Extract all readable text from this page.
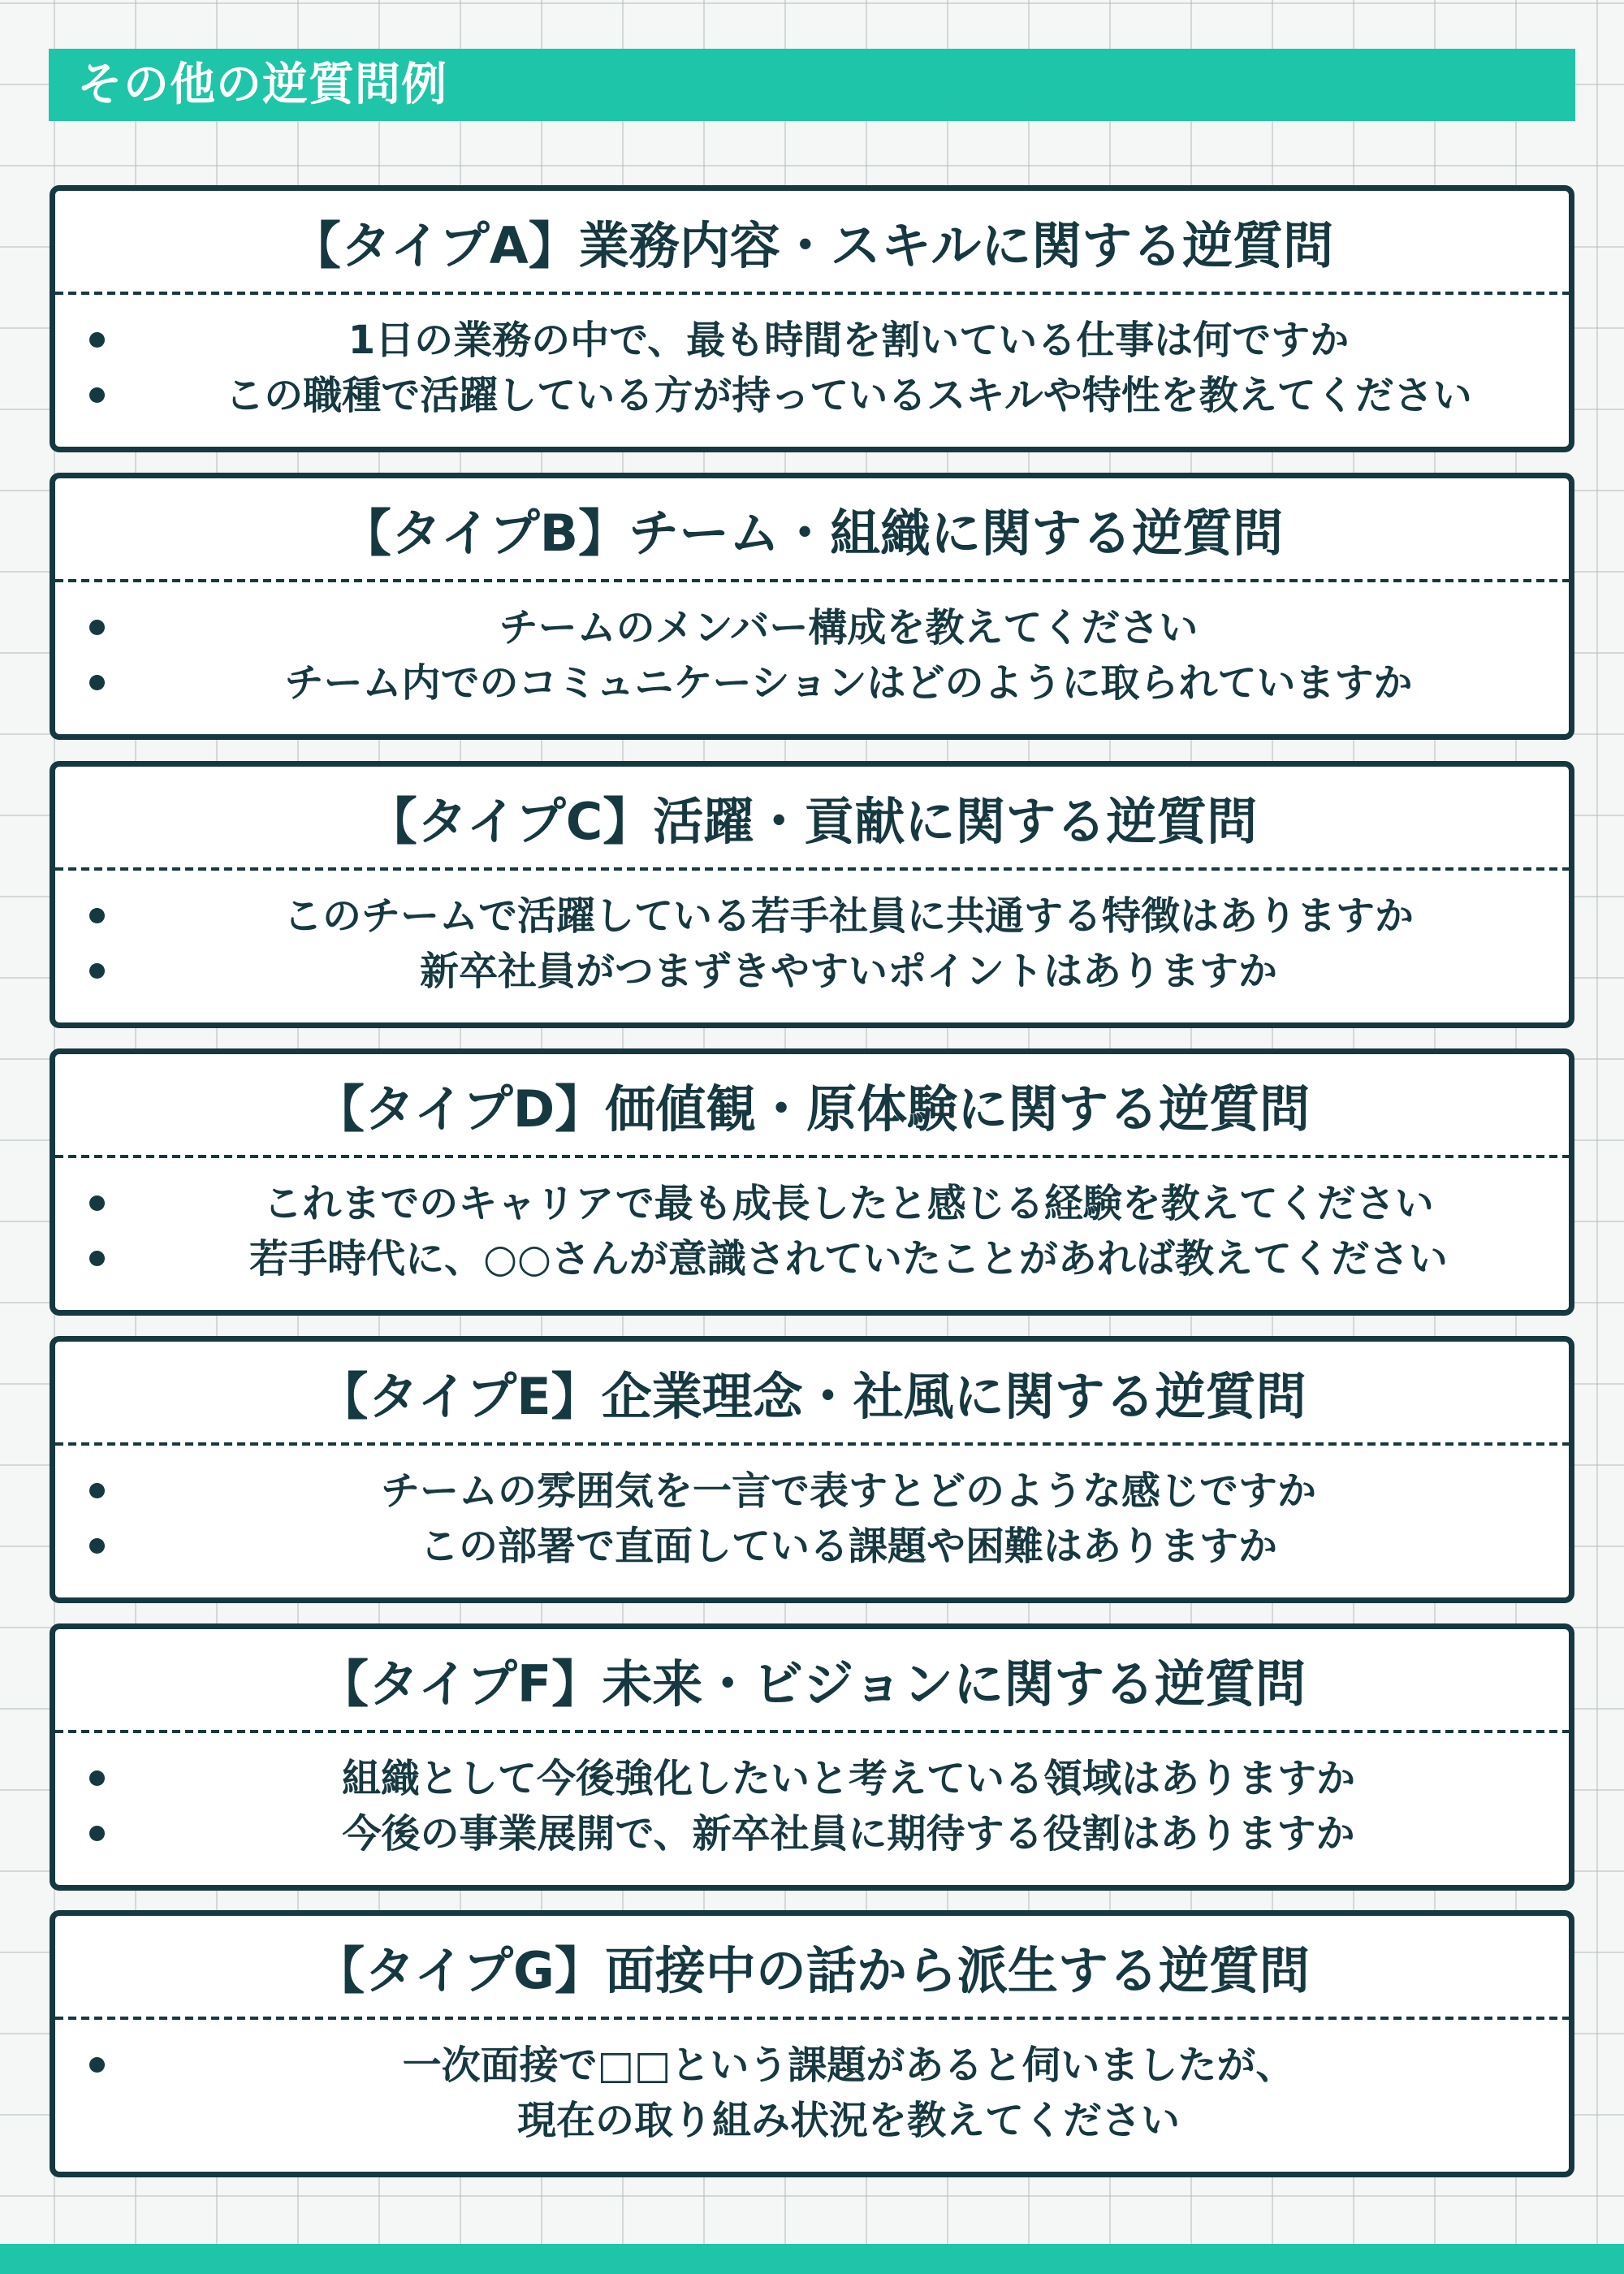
その他の逆質問例
【タイプA】業務内容・スキルに関する逆質問
1日の業務の中で、最も時間を割いている仕事は何ですか
この職種で活躍している方が持っているスキルや特性を教えてください
【タイプB】チーム・組織に関する逆質問
チームのメンバー構成を教えてください
チーム内でのコミュニケーションはどのように取られていますか
【タイプC】活躍・貢献に関する逆質問
このチームで活躍している若手社員に共通する特徴はありますか
新卒社員がつまずきやすいポイントはありますか
【タイプD】価値観・原体験に関する逆質問
これまでのキャリアで最も成長したと感じる経験を教えてください
若手時代に、○○さんが意識されていたことがあれば教えてください
【タイプE】企業理念・社風に関する逆質問
チームの雰囲気を一言で表すとどのような感じですか
この部署で直面している課題や困難はありますか
【タイプF】未来・ビジョンに関する逆質問
組織として今後強化したいと考えている領域はありますか
今後の事業展開で、新卒社員に期待する役割はありますか
【タイプG】面接中の話から派生する逆質問
一次面接で□□という課題があると伺いましたが、
現在の取り組み状況を教えてください
